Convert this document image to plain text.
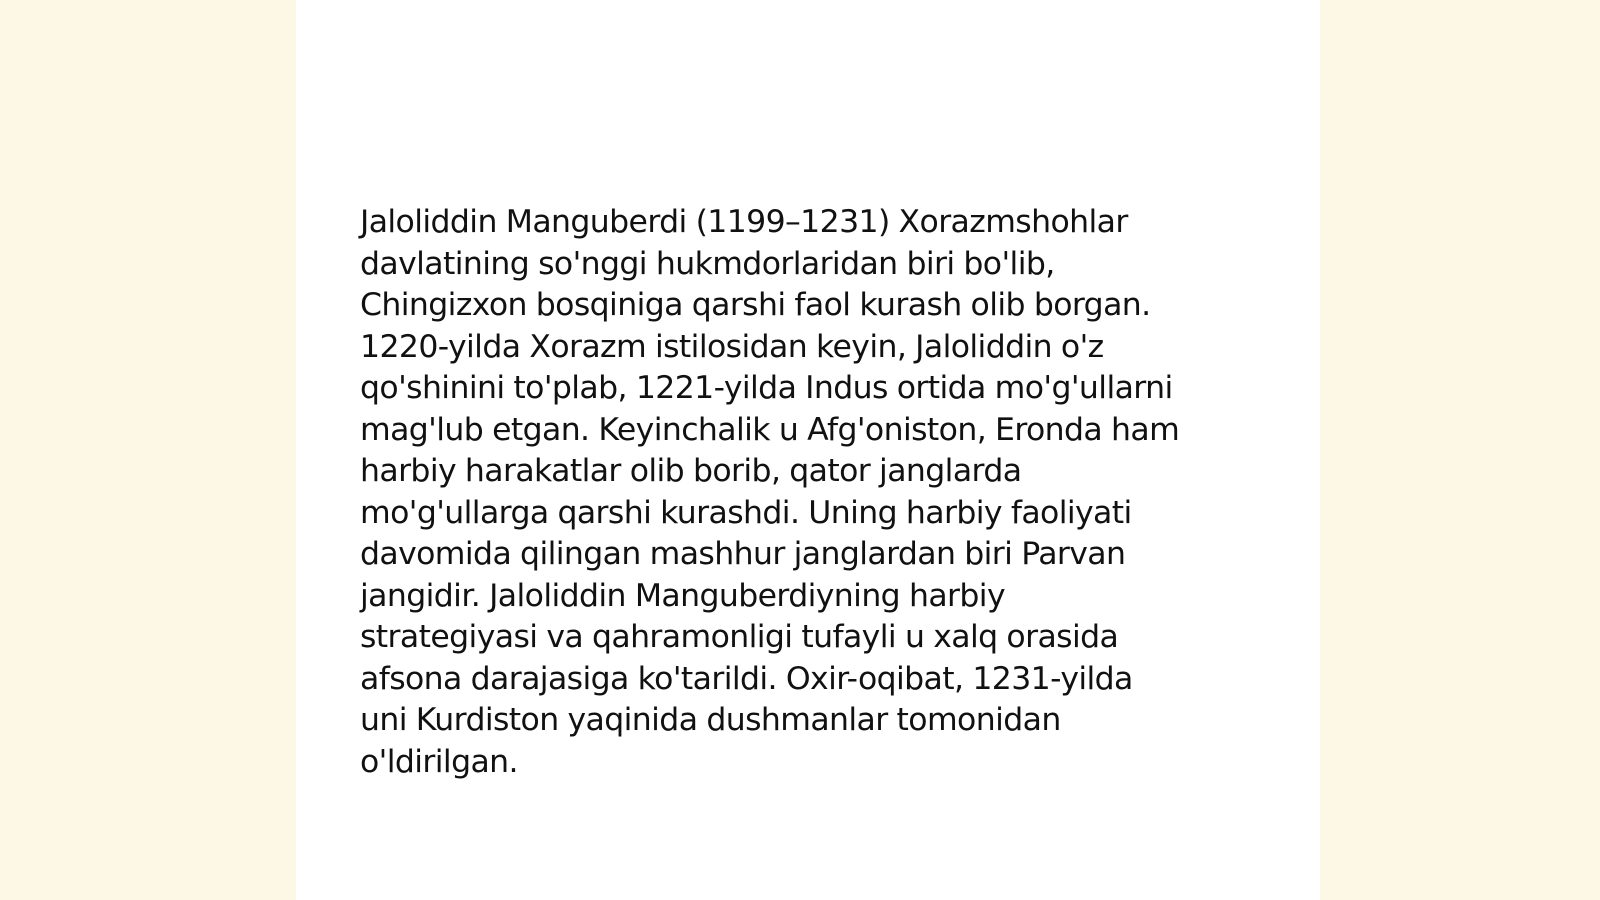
Jaloliddin Manguberdi (1199–1231) Xorazmshohlar
davlatining so'nggi hukmdorlaridan biri bo'lib,
Chingizxon bosqiniga qarshi faol kurash olib borgan.
1220-yilda Xorazm istilosidan keyin, Jaloliddin o'z
qo'shinini to'plab, 1221-yilda Indus ortida mo'g'ullarni
mag'lub etgan. Keyinchalik u Afg'oniston, Eronda ham
harbiy harakatlar olib borib, qator janglarda
mo'g'ullarga qarshi kurashdi. Uning harbiy faoliyati
davomida qilingan mashhur janglardan biri Parvan
jangidir. Jaloliddin Manguberdiyning harbiy
strategiyasi va qahramonligi tufayli u xalq orasida
afsona darajasiga ko'tarildi. Oxir-oqibat, 1231-yilda
uni Kurdiston yaqinida dushmanlar tomonidan
o'ldirilgan.
